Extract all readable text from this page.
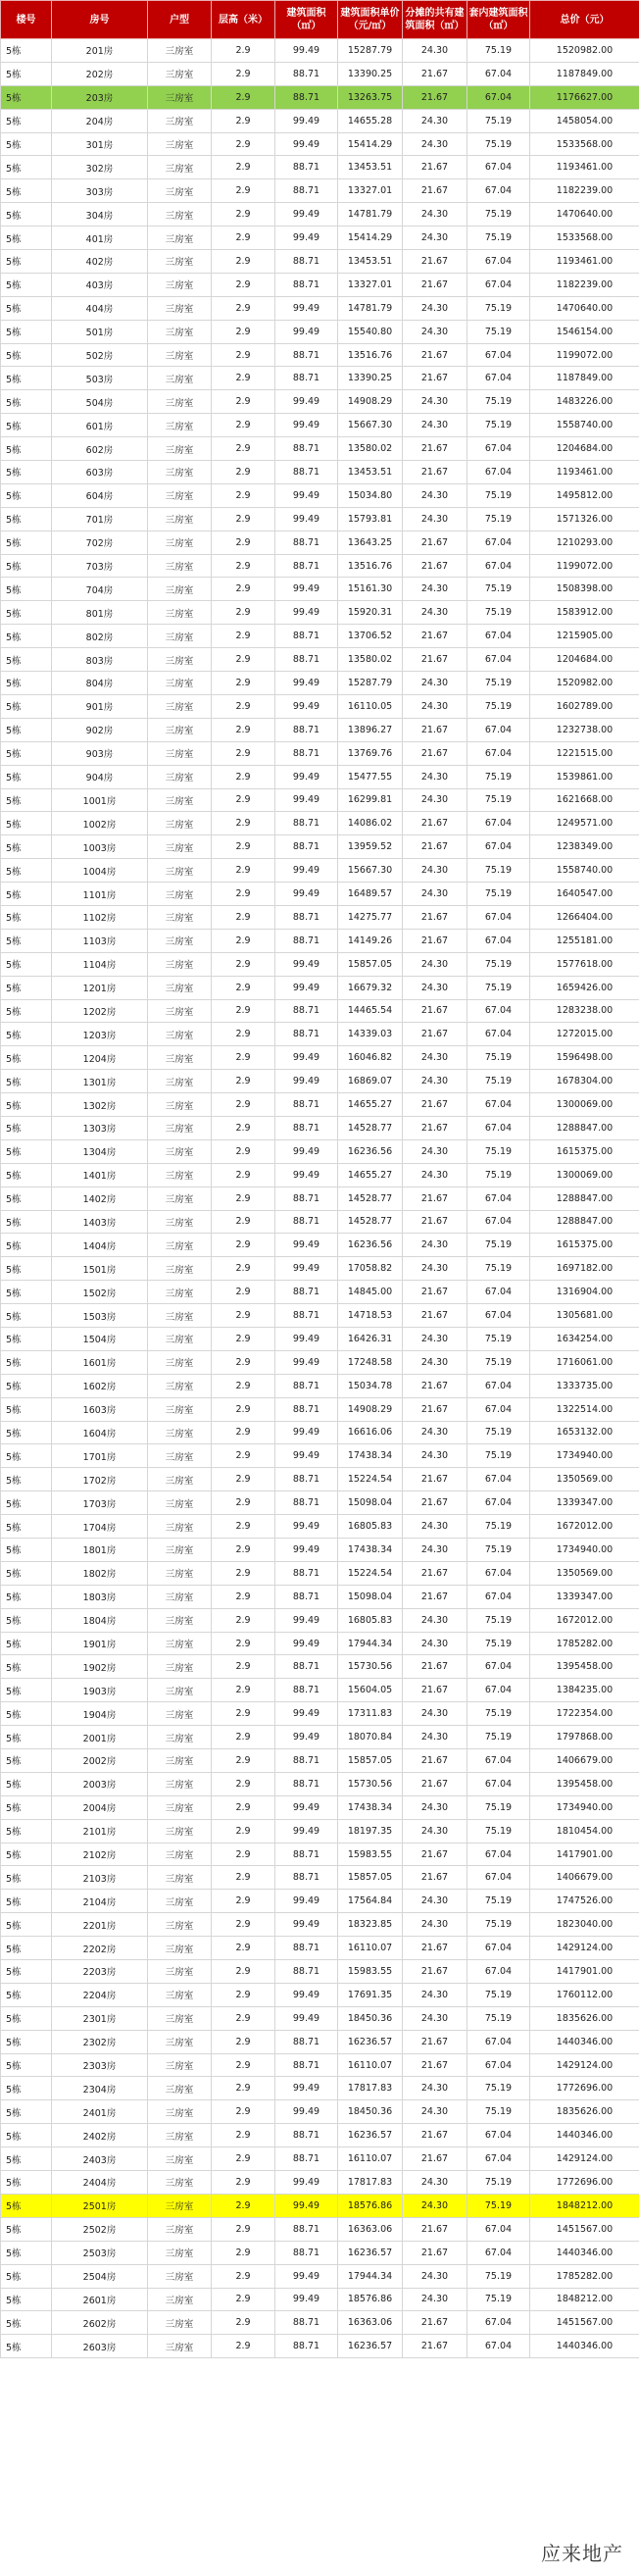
楼号	房号	户型	层高（米）	建筑面积（㎡）	建筑面积单价（元/㎡）	分摊的共有建筑面积（㎡）	套内建筑面积（㎡）	总价（元）
5栋	201房	三房室	2.9	99.49	15287.79	24.30	75.19	1520982.00
5栋	202房	三房室	2.9	88.71	13390.25	21.67	67.04	1187849.00
5栋	203房	三房室	2.9	88.71	13263.75	21.67	67.04	1176627.00
5栋	204房	三房室	2.9	99.49	14655.28	24.30	75.19	1458054.00
5栋	301房	三房室	2.9	99.49	15414.29	24.30	75.19	1533568.00
5栋	302房	三房室	2.9	88.71	13453.51	21.67	67.04	1193461.00
5栋	303房	三房室	2.9	88.71	13327.01	21.67	67.04	1182239.00
5栋	304房	三房室	2.9	99.49	14781.79	24.30	75.19	1470640.00
5栋	401房	三房室	2.9	99.49	15414.29	24.30	75.19	1533568.00
5栋	402房	三房室	2.9	88.71	13453.51	21.67	67.04	1193461.00
5栋	403房	三房室	2.9	88.71	13327.01	21.67	67.04	1182239.00
5栋	404房	三房室	2.9	99.49	14781.79	24.30	75.19	1470640.00
5栋	501房	三房室	2.9	99.49	15540.80	24.30	75.19	1546154.00
5栋	502房	三房室	2.9	88.71	13516.76	21.67	67.04	1199072.00
5栋	503房	三房室	2.9	88.71	13390.25	21.67	67.04	1187849.00
5栋	504房	三房室	2.9	99.49	14908.29	24.30	75.19	1483226.00
5栋	601房	三房室	2.9	99.49	15667.30	24.30	75.19	1558740.00
5栋	602房	三房室	2.9	88.71	13580.02	21.67	67.04	1204684.00
5栋	603房	三房室	2.9	88.71	13453.51	21.67	67.04	1193461.00
5栋	604房	三房室	2.9	99.49	15034.80	24.30	75.19	1495812.00
5栋	701房	三房室	2.9	99.49	15793.81	24.30	75.19	1571326.00
5栋	702房	三房室	2.9	88.71	13643.25	21.67	67.04	1210293.00
5栋	703房	三房室	2.9	88.71	13516.76	21.67	67.04	1199072.00
5栋	704房	三房室	2.9	99.49	15161.30	24.30	75.19	1508398.00
5栋	801房	三房室	2.9	99.49	15920.31	24.30	75.19	1583912.00
5栋	802房	三房室	2.9	88.71	13706.52	21.67	67.04	1215905.00
5栋	803房	三房室	2.9	88.71	13580.02	21.67	67.04	1204684.00
5栋	804房	三房室	2.9	99.49	15287.79	24.30	75.19	1520982.00
5栋	901房	三房室	2.9	99.49	16110.05	24.30	75.19	1602789.00
5栋	902房	三房室	2.9	88.71	13896.27	21.67	67.04	1232738.00
5栋	903房	三房室	2.9	88.71	13769.76	21.67	67.04	1221515.00
5栋	904房	三房室	2.9	99.49	15477.55	24.30	75.19	1539861.00
5栋	1001房	三房室	2.9	99.49	16299.81	24.30	75.19	1621668.00
5栋	1002房	三房室	2.9	88.71	14086.02	21.67	67.04	1249571.00
5栋	1003房	三房室	2.9	88.71	13959.52	21.67	67.04	1238349.00
5栋	1004房	三房室	2.9	99.49	15667.30	24.30	75.19	1558740.00
5栋	1101房	三房室	2.9	99.49	16489.57	24.30	75.19	1640547.00
5栋	1102房	三房室	2.9	88.71	14275.77	21.67	67.04	1266404.00
5栋	1103房	三房室	2.9	88.71	14149.26	21.67	67.04	1255181.00
5栋	1104房	三房室	2.9	99.49	15857.05	24.30	75.19	1577618.00
5栋	1201房	三房室	2.9	99.49	16679.32	24.30	75.19	1659426.00
5栋	1202房	三房室	2.9	88.71	14465.54	21.67	67.04	1283238.00
5栋	1203房	三房室	2.9	88.71	14339.03	21.67	67.04	1272015.00
5栋	1204房	三房室	2.9	99.49	16046.82	24.30	75.19	1596498.00
5栋	1301房	三房室	2.9	99.49	16869.07	24.30	75.19	1678304.00
5栋	1302房	三房室	2.9	88.71	14655.27	21.67	67.04	1300069.00
5栋	1303房	三房室	2.9	88.71	14528.77	21.67	67.04	1288847.00
5栋	1304房	三房室	2.9	99.49	16236.56	24.30	75.19	1615375.00
5栋	1401房	三房室	2.9	99.49	14655.27	24.30	75.19	1300069.00
5栋	1402房	三房室	2.9	88.71	14528.77	21.67	67.04	1288847.00
5栋	1403房	三房室	2.9	88.71	14528.77	21.67	67.04	1288847.00
5栋	1404房	三房室	2.9	99.49	16236.56	24.30	75.19	1615375.00
5栋	1501房	三房室	2.9	99.49	17058.82	24.30	75.19	1697182.00
5栋	1502房	三房室	2.9	88.71	14845.00	21.67	67.04	1316904.00
5栋	1503房	三房室	2.9	88.71	14718.53	21.67	67.04	1305681.00
5栋	1504房	三房室	2.9	99.49	16426.31	24.30	75.19	1634254.00
5栋	1601房	三房室	2.9	99.49	17248.58	24.30	75.19	1716061.00
5栋	1602房	三房室	2.9	88.71	15034.78	21.67	67.04	1333735.00
5栋	1603房	三房室	2.9	88.71	14908.29	21.67	67.04	1322514.00
5栋	1604房	三房室	2.9	99.49	16616.06	24.30	75.19	1653132.00
5栋	1701房	三房室	2.9	99.49	17438.34	24.30	75.19	1734940.00
5栋	1702房	三房室	2.9	88.71	15224.54	21.67	67.04	1350569.00
5栋	1703房	三房室	2.9	88.71	15098.04	21.67	67.04	1339347.00
5栋	1704房	三房室	2.9	99.49	16805.83	24.30	75.19	1672012.00
5栋	1801房	三房室	2.9	99.49	17438.34	24.30	75.19	1734940.00
5栋	1802房	三房室	2.9	88.71	15224.54	21.67	67.04	1350569.00
5栋	1803房	三房室	2.9	88.71	15098.04	21.67	67.04	1339347.00
5栋	1804房	三房室	2.9	99.49	16805.83	24.30	75.19	1672012.00
5栋	1901房	三房室	2.9	99.49	17944.34	24.30	75.19	1785282.00
5栋	1902房	三房室	2.9	88.71	15730.56	21.67	67.04	1395458.00
5栋	1903房	三房室	2.9	88.71	15604.05	21.67	67.04	1384235.00
5栋	1904房	三房室	2.9	99.49	17311.83	24.30	75.19	1722354.00
5栋	2001房	三房室	2.9	99.49	18070.84	24.30	75.19	1797868.00
5栋	2002房	三房室	2.9	88.71	15857.05	21.67	67.04	1406679.00
5栋	2003房	三房室	2.9	88.71	15730.56	21.67	67.04	1395458.00
5栋	2004房	三房室	2.9	99.49	17438.34	24.30	75.19	1734940.00
5栋	2101房	三房室	2.9	99.49	18197.35	24.30	75.19	1810454.00
5栋	2102房	三房室	2.9	88.71	15983.55	21.67	67.04	1417901.00
5栋	2103房	三房室	2.9	88.71	15857.05	21.67	67.04	1406679.00
5栋	2104房	三房室	2.9	99.49	17564.84	24.30	75.19	1747526.00
5栋	2201房	三房室	2.9	99.49	18323.85	24.30	75.19	1823040.00
5栋	2202房	三房室	2.9	88.71	16110.07	21.67	67.04	1429124.00
5栋	2203房	三房室	2.9	88.71	15983.55	21.67	67.04	1417901.00
5栋	2204房	三房室	2.9	99.49	17691.35	24.30	75.19	1760112.00
5栋	2301房	三房室	2.9	99.49	18450.36	24.30	75.19	1835626.00
5栋	2302房	三房室	2.9	88.71	16236.57	21.67	67.04	1440346.00
5栋	2303房	三房室	2.9	88.71	16110.07	21.67	67.04	1429124.00
5栋	2304房	三房室	2.9	99.49	17817.83	24.30	75.19	1772696.00
5栋	2401房	三房室	2.9	99.49	18450.36	24.30	75.19	1835626.00
5栋	2402房	三房室	2.9	88.71	16236.57	21.67	67.04	1440346.00
5栋	2403房	三房室	2.9	88.71	16110.07	21.67	67.04	1429124.00
5栋	2404房	三房室	2.9	99.49	17817.83	24.30	75.19	1772696.00
5栋	2501房	三房室	2.9	99.49	18576.86	24.30	75.19	1848212.00
5栋	2502房	三房室	2.9	88.71	16363.06	21.67	67.04	1451567.00
5栋	2503房	三房室	2.9	88.71	16236.57	21.67	67.04	1440346.00
5栋	2504房	三房室	2.9	99.49	17944.34	24.30	75.19	1785282.00
5栋	2601房	三房室	2.9	99.49	18576.86	24.30	75.19	1848212.00
5栋	2602房	三房室	2.9	88.71	16363.06	21.67	67.04	1451567.00
5栋	2603房	三房室	2.9	88.71	16236.57	21.67	67.04	1440346.00
应来地产
